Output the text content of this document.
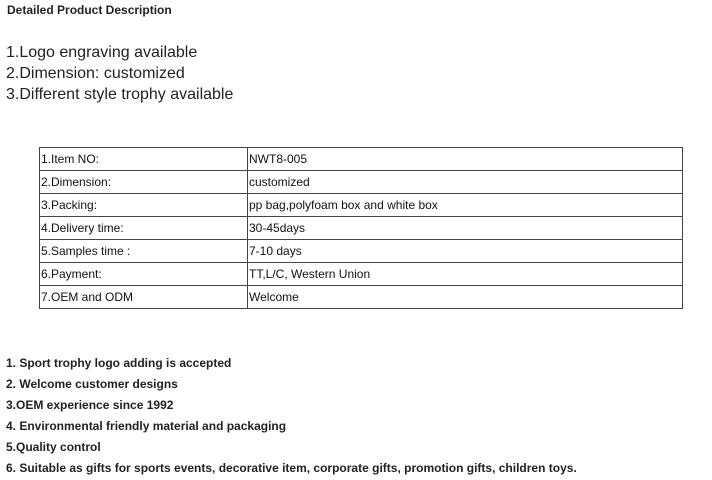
Detailed Product Description
1.Logo engraving available
2.Dimension: customized
3.Different style trophy available
1.Item NO:	NWT8-005
2.Dimension:	customized
3.Packing:	pp bag,polyfoam box and white box
4.Delivery time:	30-45days
5.Samples time :	7-10 days
6.Payment:	TT,L/C, Western Union
7.OEM and ODM	Welcome
1. Sport trophy logo adding is accepted
2. Welcome customer designs
3.OEM experience since 1992
4. Environmental friendly material and packaging
5.Quality control
6. Suitable as gifts for sports events, decorative item, corporate gifts, promotion gifts, children toys.
